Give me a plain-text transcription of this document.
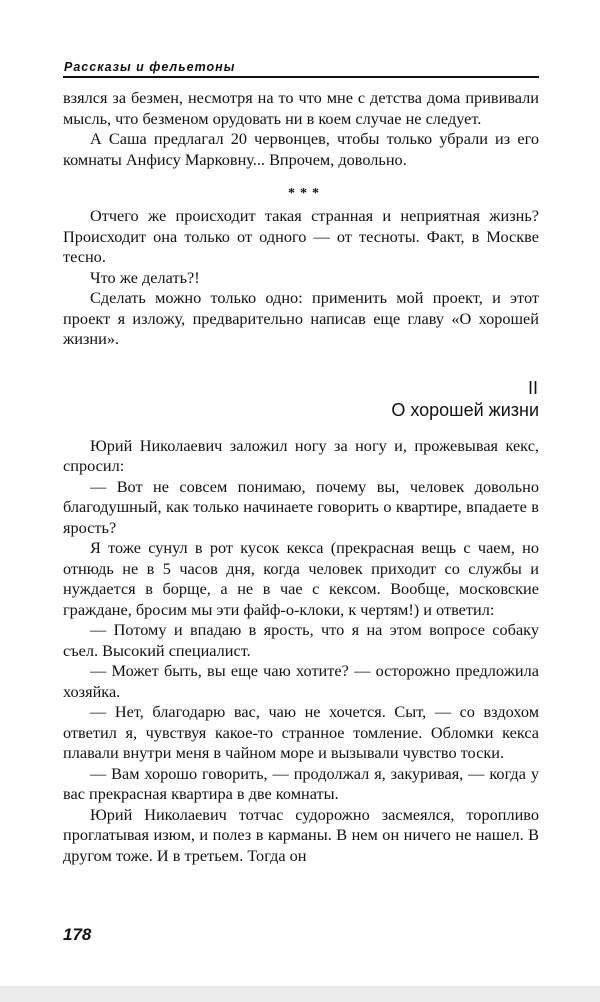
Рассказы и фельетоны

взялся за безмен, несмотря на то что мне с детства дома прививали мысль, что безменом орудовать ни в коем случае не следует.

А Саша предлагал 20 червонцев, чтобы только убрали из его комнаты Анфису Марковну... Впрочем, довольно.

***

Отчего же происходит такая странная и неприятная жизнь? Происходит она только от одного — от тесноты. Факт, в Москве тесно.

Что же делать?!

Сделать можно только одно: применить мой проект, и этот проект я изложу, предварительно написав еще главу «О хорошей жизни».

II
О хорошей жизни

Юрий Николаевич заложил ногу за ногу и, прожевывая кекс, спросил:

— Вот не совсем понимаю, почему вы, человек довольно благодушный, как только начинаете говорить о квартире, впадаете в ярость?

Я тоже сунул в рот кусок кекса (прекрасная вещь с чаем, но отнюдь не в 5 часов дня, когда человек приходит со службы и нуждается в борще, а не в чае с кексом. Вообще, московские граждане, бросим мы эти файф-о-клоки, к чертям!) и ответил:

— Потому и впадаю в ярость, что я на этом вопросе собаку съел. Высокий специалист.

— Может быть, вы еще чаю хотите? — осторожно предложила хозяйка.

— Нет, благодарю вас, чаю не хочется. Сыт, — со вздохом ответил я, чувствуя какое-то странное томление. Обломки кекса плавали внутри меня в чайном море и вызывали чувство тоски.

— Вам хорошо говорить, — продолжал я, закуривая, — когда у вас прекрасная квартира в две комнаты.

Юрий Николаевич тотчас судорожно засмеялся, торопливо проглатывая изюм, и полез в карманы. В нем он ничего не нашел. В другом тоже. И в третьем. Тогда он

178
